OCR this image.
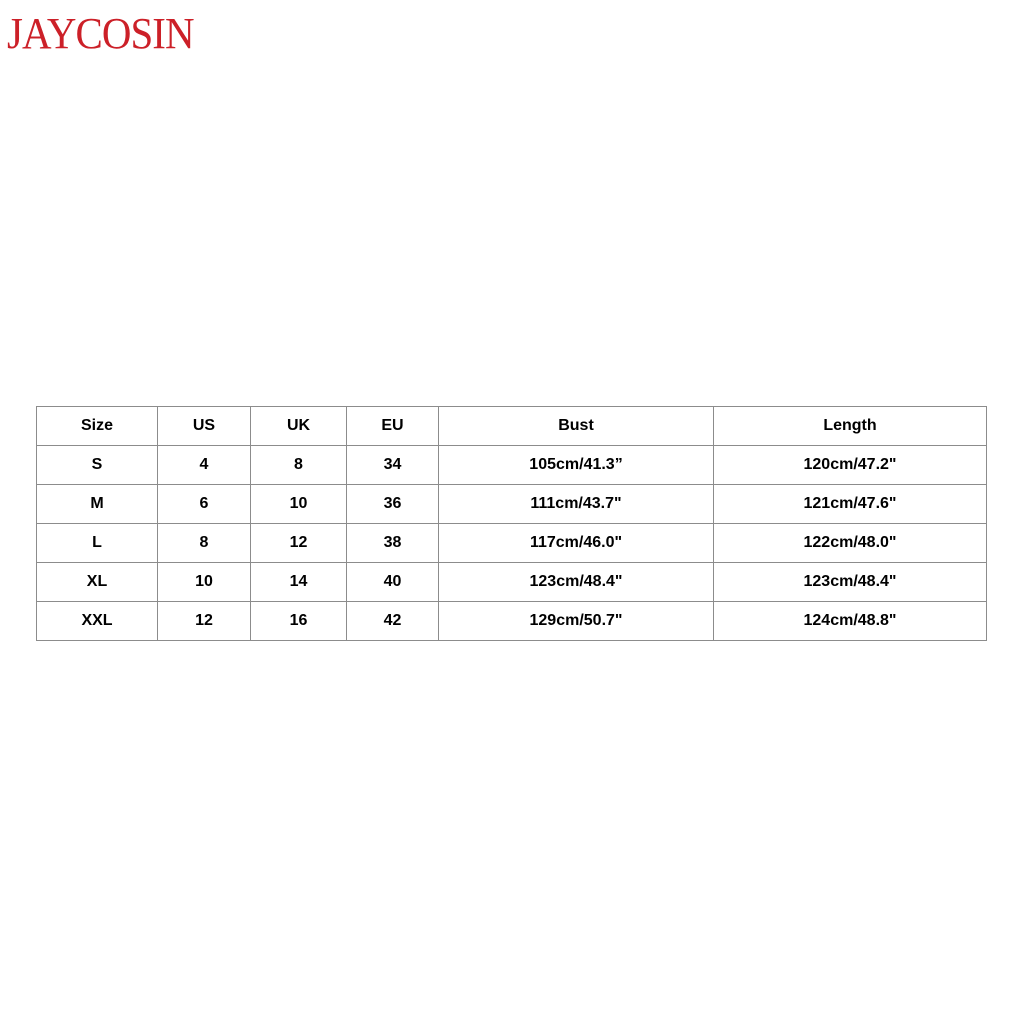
JAYCOSIN
Size	US	UK	EU	Bust	Length
S	4	8	34	105cm/41.3”	120cm/47.2"
M	6	10	36	111cm/43.7"	121cm/47.6"
L	8	12	38	117cm/46.0"	122cm/48.0"
XL	10	14	40	123cm/48.4"	123cm/48.4"
XXL	12	16	42	129cm/50.7"	124cm/48.8"
